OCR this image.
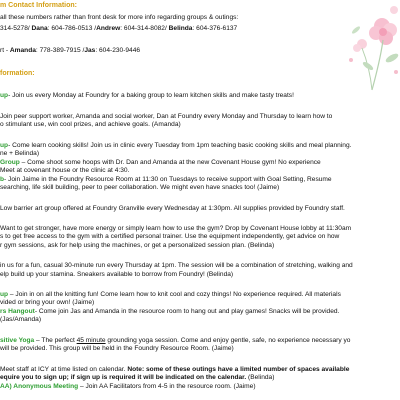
m Contact Information:
all these numbers rather than front desk for more info regarding groups & outings:
314-5278/ Dana: 604-786-0513 /Andrew: 604-314-8082/ Belinda: 604-376-6137
rt - Amanda: 778-389-7915 /Jas: 604-230-9446
formation:
up- Join us every Monday at Foundry for a baking group to learn kitchen skills and make tasty treats!
Join peer support worker, Amanda and social worker, Dan at Foundry every Monday and Thursday to learn how to
o stimulant use, win cool prizes, and achieve goals. (Amanda)
up- Come learn cooking skills! Join us in clinic every Tuesday from 1pm teaching basic cooking skills and meal planning.
ne + Belinda)
Group – Come shoot some hoops with Dr. Dan and Amanda at the new Covenant House gym! No experience
Meet at covenant house or the clinic at 4:30.
b- Join Jaime in the Foundry Resource Room at 11:30 on Tuesdays to receive support with Goal Setting, Resume
searching, life skill building, peer to peer collaboration. We might even have snacks too! (Jaime)
Low barrier art group offered at Foundry Granville every Wednesday at 1:30pm. All supplies provided by Foundry staff.
Want to get stronger, have more energy or simply learn how to use the gym? Drop by Covenant House lobby at 11:30am
s to get free access to the gym with a certified personal trainer. Use the equipment independently, get advice on how
r gym sessions, ask for help using the machines, or get a personalized session plan. (Belinda)
in us for a fun, casual 30-minute run every Thursday at 1pm. The session will be a combination of stretching, walking and
elp build up your stamina. Sneakers available to borrow from Foundry! (Belinda)
up – Join in on all the knitting fun! Come learn how to knit cool and cozy things! No experience required. All materials
vided or bring your own! (Jaime)
rs Hangout- Come join Jas and Amanda in the resource room to hang out and play games! Snacks will be provided.
(Jas/Amanda)
sitive Yoga – The perfect 45 minute grounding yoga session. Come and enjoy gentle, safe, no experience necessary yo
will be provided. This group will be held in the Foundry Resource Room. (Jaime)
Meet staff at ICY at time listed on calendar. Note: some of these outings have a limited number of spaces available
equire you to sign up; if sign up is required it will be indicated on the calendar. (Belinda)
AA) Anonymous Meeting – Join AA Facilitators from 4-5 in the resource room. (Jaime)
